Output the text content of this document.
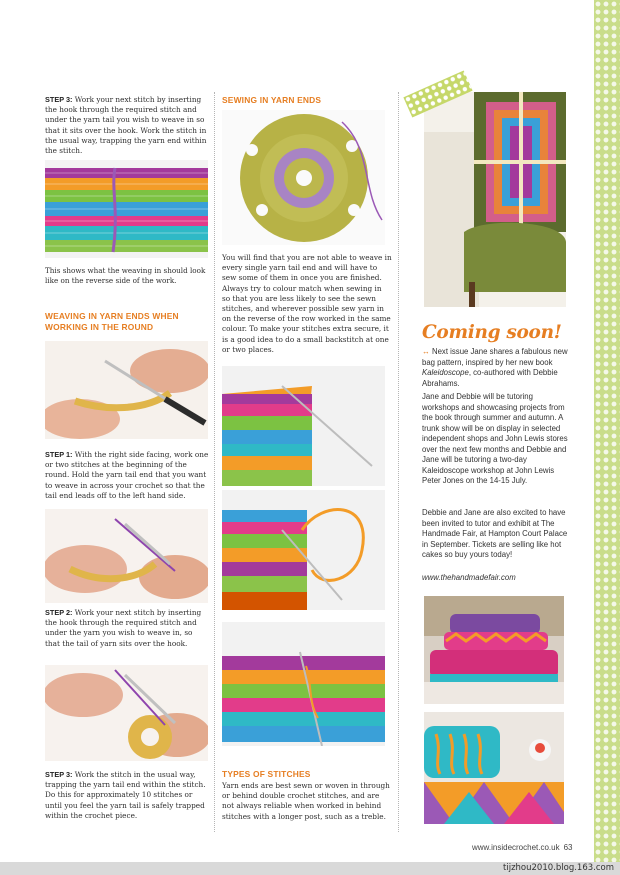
tijzhou2010.blog.163.com
www.insidecrochet.co.uk 63
STEP 3: Work your next stitch by inserting the hook through the required stitch and under the yarn tail you wish to weave in so that it sits over the hook. Work the stitch in the usual way, trapping the yarn end within the stitch.
This shows what the weaving in should look like on the reverse side of the work.
WEAVING IN YARN ENDS WHEN WORKING IN THE ROUND
STEP 1: With the right side facing, work one or two stitches at the beginning of the round. Hold the yarn tail end that you want to weave in across your crochet so that the tail end leads off to the left hand side.
STEP 2: Work your next stitch by inserting the hook through the required stitch and under the yarn you wish to weave in, so that the tail of yarn sits over the hook.
STEP 3: Work the stitch in the usual way, trapping the yarn tail end within the stitch. Do this for approximately 10 stitches or until you feel the yarn tail is safely trapped within the crochet piece.
SEWING IN YARN ENDS
You will find that you are not able to weave in every single yarn tail end and will have to sew some of them in once you are finished. Always try to colour match when sewing in so that you are less likely to see the sewn stitches, and wherever possible sew yarn in on the reverse of the row worked in the same colour. To make your stitches extra secure, it is a good idea to do a small backstitch at one or two places.
TYPES OF STITCHES
Yarn ends are best sewn or woven in through or behind double crochet stitches, and are not always reliable when worked in behind stitches with a longer post, such as a treble.
Coming soon!
↔ Next issue Jane shares a fabulous new bag pattern, inspired by her new book Kaleidoscope, co-authored with Debbie Abrahams.
Jane and Debbie will be tutoring workshops and showcasing projects from the book through summer and autumn. A trunk show will be on display in selected independent shops and John Lewis stores over the next few months and Debbie and Jane will be tutoring a two-day Kaleidoscope workshop at John Lewis Peter Jones on the 14-15 July.
Debbie and Jane are also excited to have been invited to tutor and exhibit at The Handmade Fair, at Hampton Court Palace in September. Tickets are selling like hot cakes so buy yours today!
www.thehandmadefair.com
